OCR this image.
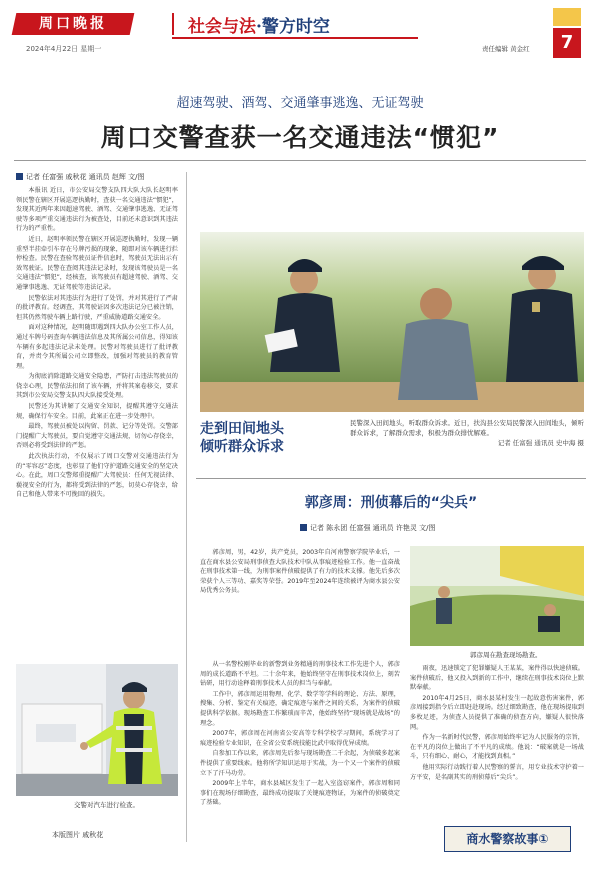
周口晚报
2024年4月22日 星期一
社会与法·警方时空
责任编辑 黄金红	7
超速驾驶、酒驾、交通肇事逃逸、无证驾驶
周口交警查获一名交通违法“惯犯”
记者 任富强 戚秋花 通讯员 赵辉 文/图

本报讯 近日，市公安局交警支队四大队大队长赵明率领民警在辖区开展巡逻执勤时，查获一名交通违法“惯犯”，发现其近两年来因超速驾驶、酒驾、交通肇事逃逸、无证驾驶等多项严重交通违法行为被查处，目前还未意识到其违法行为的严重性。

近日，赵明率领民警在辖区开展巡逻执勤时，发现一辆重型半挂牵引车存在号牌污损的现象，随即对该车辆进行拦停检查。民警在查验驾驶员证件信息时，驾驶员无法出示有效驾驶证。民警在查阅其违法记录时，发现该驾驶员是一名交通违法“惯犯”，经核查，该驾驶员有超速驾驶、酒驾、交通肇事逃逸、无证驾驶等违法记录。

民警依法对其违法行为进行了处罚，并对其进行了严肃的批评教育。经调查，其驾驶证因多次违法记分已被注销，但其仍然驾驶车辆上路行驶，严重威胁道路交通安全。

面对这种情况，赵明随即遇到四大队办公室工作人员，通过车牌号码查询车辆违法信息及其所属公司信息，得知该车辆有多起违法记录未处理。民警对驾驶员进行了批评教育，并责令其所属公司立即整改，加强对驾驶员的教育管理。

为彻底消除道路交通安全隐患，严防打击违法驾驶员的侥幸心理，民警依法扣留了该车辆，并将其案卷移交，要求其到市公安局交警支队四大队接受处理。

民警还为其讲解了交通安全知识，提醒其遵守交通法规，确保行车安全。目前，此案正在进一步处理中。

最终，驾驶员被处以拘留、罚款、记分等处罚。交警部门提醒广大驾驶员，要自觉遵守交通法规，切勿心存侥幸，否则必将受到法律的严惩。

此次执法行动，不仅展示了周口交警对交通违法行为的“零容忍”态度，也彰显了他们守护道路交通安全的坚定决心。在此，周口交警郑重提醒广大驾驶员：任何无视法律、藐视安全的行为，都将受到法律的严惩，切莫心存侥幸，给自己和他人带来不可挽回的损失。

交警对汽车进行检查。
本版图片 戚秋花
走到田间地头
倾听群众诉求
民警深入田间地头，听取群众诉求。近日，扶沟县公安局民警深入田间地头，倾听群众诉求，了解群众需求，积极为群众排忧解难。
记者 任富强 通讯员 史中海 摄
郭彦周：刑侦幕后的“尖兵”
记者 陈永团 任富强 通讯员 许艳灵 文/图

郭彦周，男，42岁，共产党员，2003年自河南警察学院毕业后，一直在商水县公安局刑事侦查大队技术中队从事痕迹检验工作。他一直奋战在刑事技术第一线，为刑事案件侦破提供了有力的技术支撑。他先后多次荣获个人三等功、嘉奖等荣誉。2019年至2024年连续被评为商水县公安局优秀公务员。

郭彦周在勘查现场勘查。

从一名警校刚毕业的新警到业务精通的刑事技术工作先进个人，郭彦周的成长道路不平坦。二十余年来，他始终坚守在刑事技术岗位上，刻苦钻研，用行动诠释着刑事技术人员的担当与奉献。

工作中，郭彦周运用物理、化学、数学等学科的理论、方法、原理，搜集、分析、鉴定有关痕迹，确定痕迹与案件之间的关系，为案件的侦破提供科学依据。现场勘查工作繁琐而辛苦，他始终坚持“现场就是战场”的理念。

2007年，郭彦周在河南省公安高等专科学校学习期间，系统学习了痕迹检验专业知识，在全省公安系统技能比武中取得优异成绩。

自参加工作以来，郭彦周先后参与现场勘查二千余起，为侦破多起案件提供了重要线索。他将所学知识运用于实战，为一个又一个案件的侦破立下了汗马功劳。

2009年上半年，商水县城区发生了一起入室盗窃案件，郭彦周和同事们在现场仔细勘查，最终成功提取了关键痕迹物证，为案件的侦破奠定了基础。

雨夜，迅速锁定了犯罪嫌疑人王某某，案件得以快速侦破。案件侦破后，他又投入到新的工作中，继续在刑事技术岗位上默默奉献。

2010年4月25日，商水县某村发生一起故意伤害案件，郭彦周接到指令后立即赶赴现场。经过细致勘查，他在现场提取到多枚足迹，为侦查人员提供了准确的侦查方向，嫌疑人很快落网。

作为一名新时代民警，郭彦周始终牢记为人民服务的宗旨，在平凡的岗位上做出了不平凡的成绩。他说：“破案就是一场战斗，只有细心、耐心，才能找到真相。”

他用实际行动践行着人民警察的誓言，用专业技术守护着一方平安，是名副其实的刑侦幕后“尖兵”。

商水警察故事①
